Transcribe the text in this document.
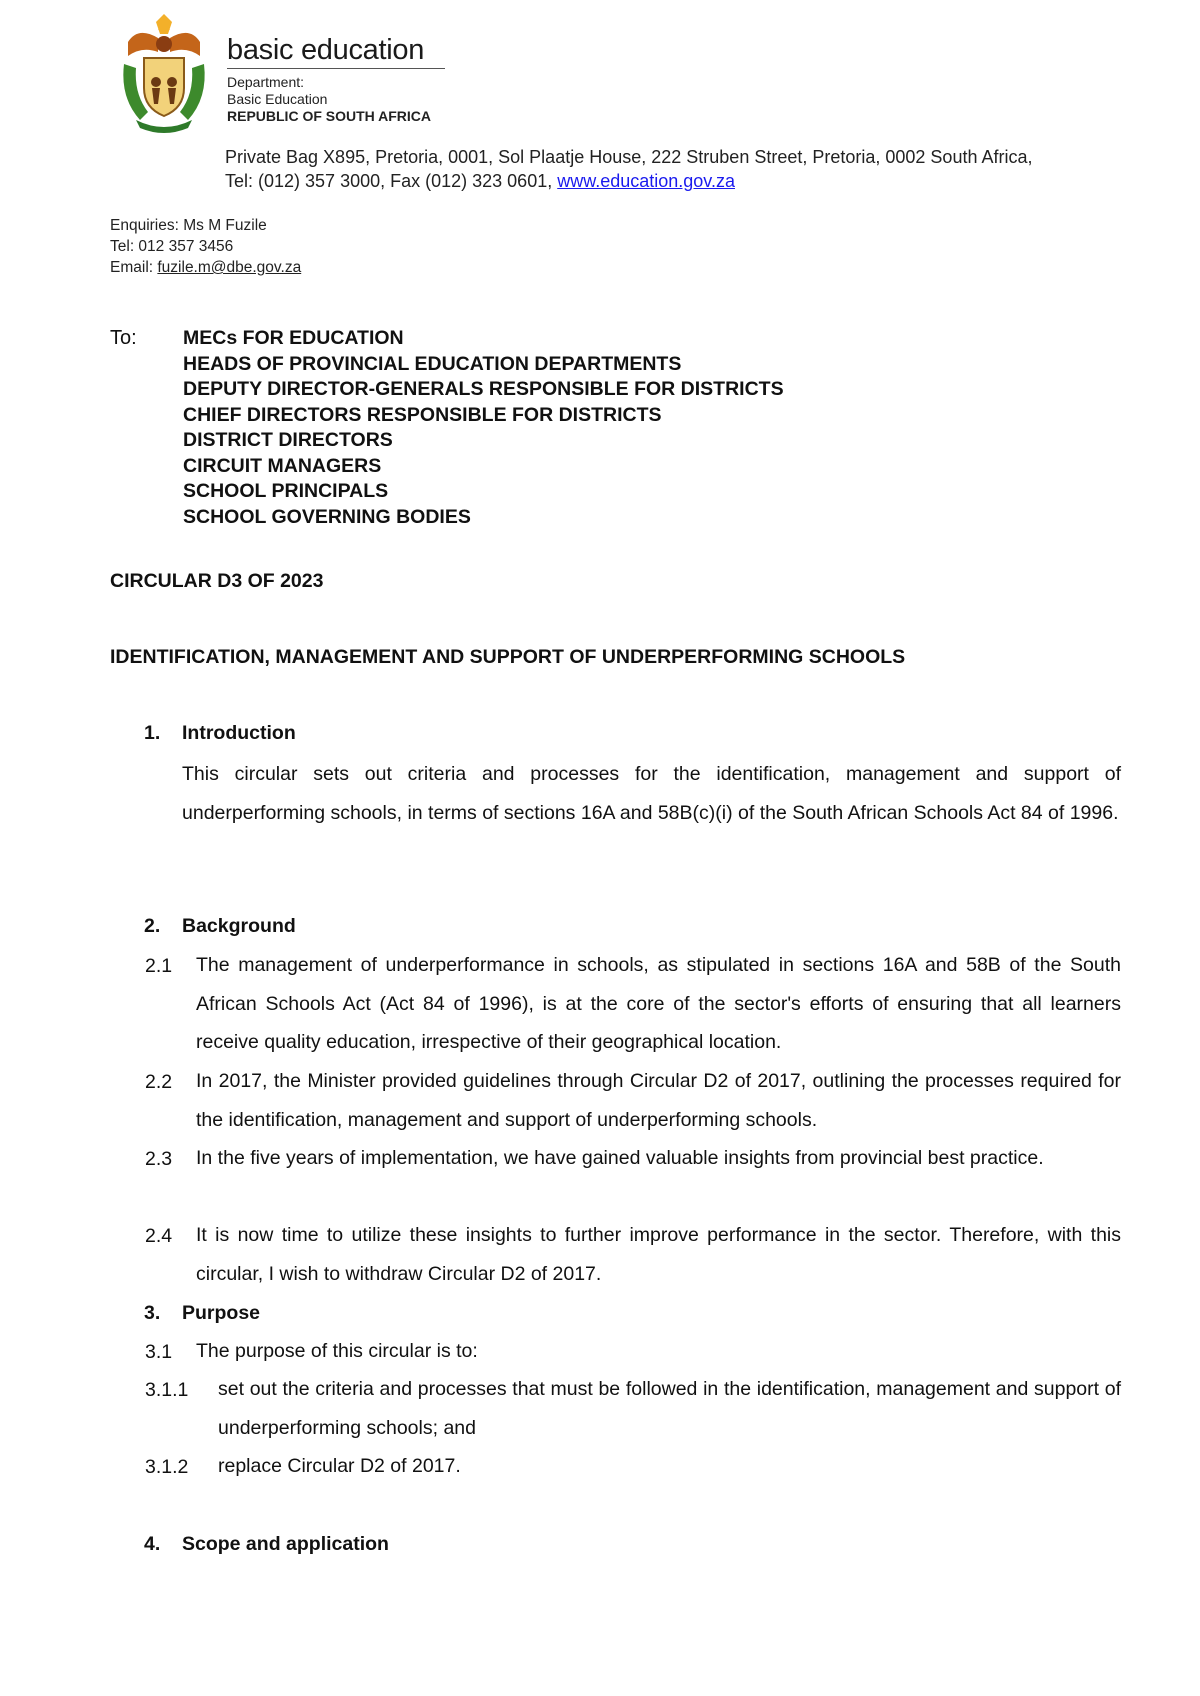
basic education
Department:
Basic Education
REPUBLIC OF SOUTH AFRICA
Private Bag X895, Pretoria, 0001, Sol Plaatje House, 222 Struben Street, Pretoria, 0002 South Africa,
Tel: (012) 357 3000, Fax (012) 323 0601, www.education.gov.za
Enquiries: Ms M Fuzile
Tel: 012 357 3456
Email: fuzile.m@dbe.gov.za
To: MECs FOR EDUCATION
HEADS OF PROVINCIAL EDUCATION DEPARTMENTS
DEPUTY DIRECTOR-GENERALS RESPONSIBLE FOR DISTRICTS
CHIEF DIRECTORS RESPONSIBLE FOR DISTRICTS
DISTRICT DIRECTORS
CIRCUIT MANAGERS
SCHOOL PRINCIPALS
SCHOOL GOVERNING BODIES
CIRCULAR D3 OF 2023
IDENTIFICATION, MANAGEMENT AND SUPPORT OF UNDERPERFORMING SCHOOLS
1. Introduction
This circular sets out criteria and processes for the identification, management and support of underperforming schools, in terms of sections 16A and 58B(c)(i) of the South African Schools Act 84 of 1996.
2. Background
2.1 The management of underperformance in schools, as stipulated in sections 16A and 58B of the South African Schools Act (Act 84 of 1996), is at the core of the sector's efforts of ensuring that all learners receive quality education, irrespective of their geographical location.
2.2 In 2017, the Minister provided guidelines through Circular D2 of 2017, outlining the processes required for the identification, management and support of underperforming schools.
2.3 In the five years of implementation, we have gained valuable insights from provincial best practice.
2.4 It is now time to utilize these insights to further improve performance in the sector. Therefore, with this circular, I wish to withdraw Circular D2 of 2017.
3. Purpose
3.1 The purpose of this circular is to:
3.1.1 set out the criteria and processes that must be followed in the identification, management and support of underperforming schools; and
3.1.2 replace Circular D2 of 2017.
4. Scope and application
